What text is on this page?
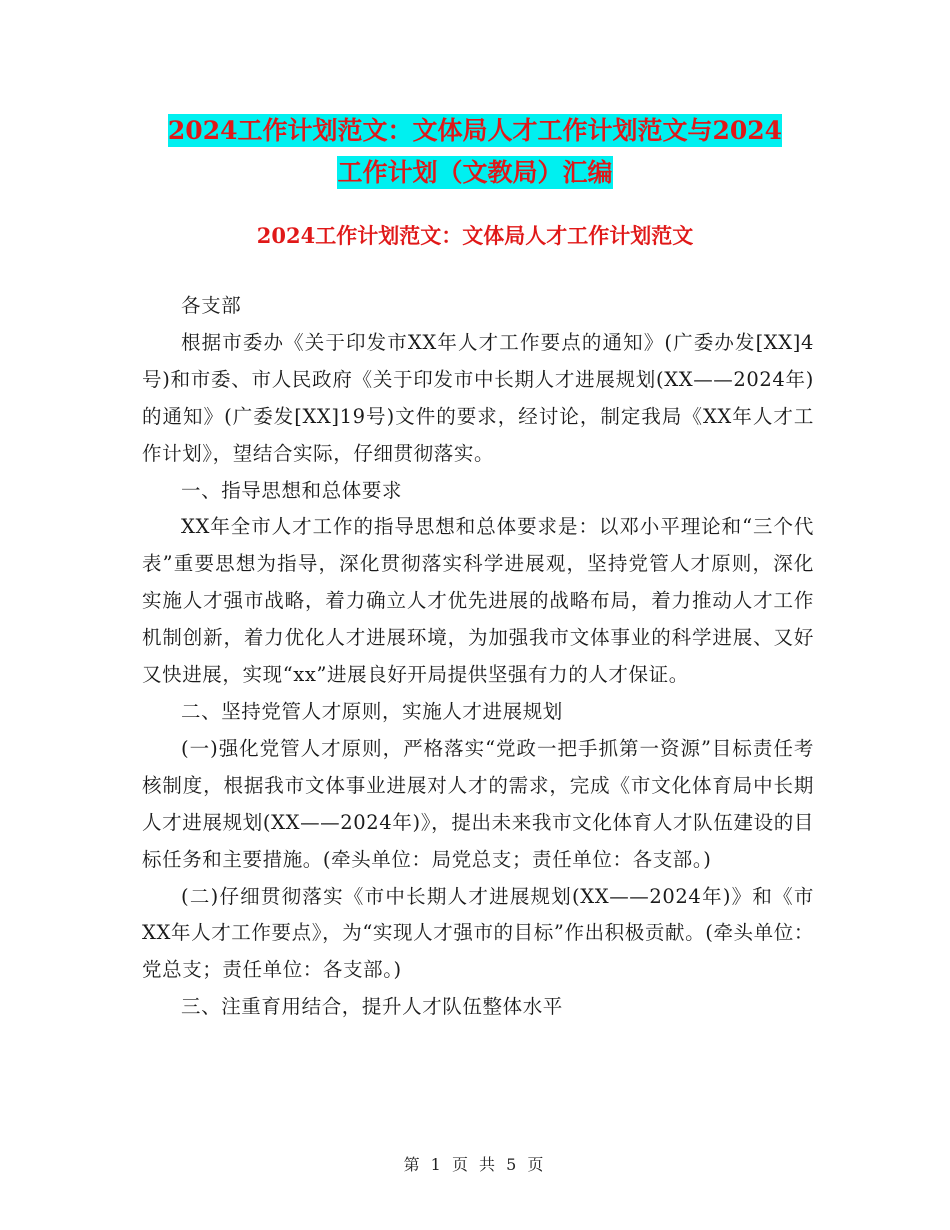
2024工作计划范文：文体局人才工作计划范文与2024
工作计划（文教局）汇编
2024工作计划范文：文体局人才工作计划范文

各支部

根据市委办《关于印发市XX年人才工作要点的通知》(广委办发[XX]4号)和市委、市人民政府《关于印发市中长期人才进展规划(XX——2024年)的通知》(广委发[XX]19号)文件的要求，经讨论，制定我局《XX年人才工作计划》，望结合实际，仔细贯彻落实。

一、指导思想和总体要求

XX年全市人才工作的指导思想和总体要求是：以邓小平理论和“三个代表”重要思想为指导，深化贯彻落实科学进展观，坚持党管人才原则，深化实施人才强市战略，着力确立人才优先进展的战略布局，着力推动人才工作机制创新，着力优化人才进展环境，为加强我市文体事业的科学进展、又好又快进展，实现“xx”进展良好开局提供坚强有力的人才保证。

二、坚持党管人才原则，实施人才进展规划

(一)强化党管人才原则，严格落实“党政一把手抓第一资源”目标责任考核制度，根据我市文体事业进展对人才的需求，完成《市文化体育局中长期人才进展规划(XX——2024年)》，提出未来我市文化体育人才队伍建设的目标任务和主要措施。(牵头单位：局党总支；责任单位：各支部。)

(二)仔细贯彻落实《市中长期人才进展规划(XX——2024年)》和《市XX年人才工作要点》，为“实现人才强市的目标”作出积极贡献。(牵头单位：党总支；责任单位：各支部。)

三、注重育用结合，提升人才队伍整体水平

第 1 页 共 5 页
